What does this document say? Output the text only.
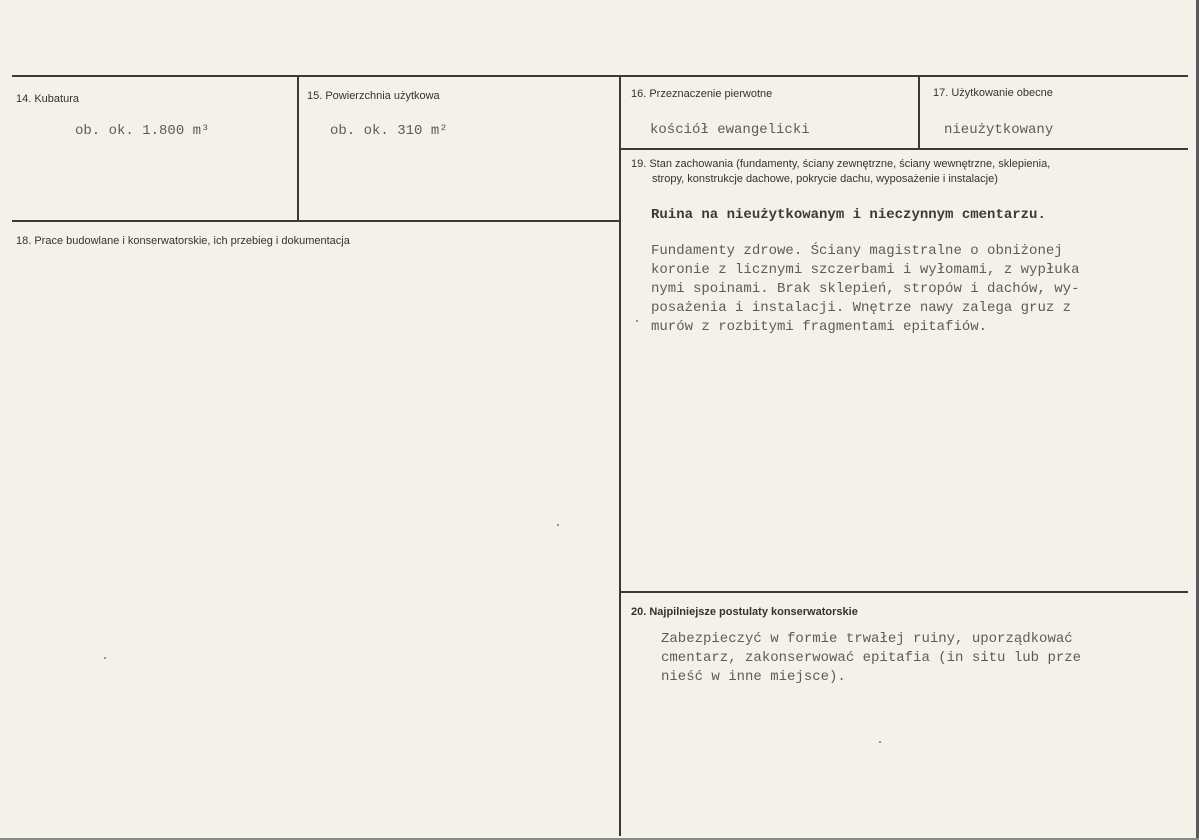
14. Kubatura
ob. ok. 1.800 m³
15. Powierzchnia użytkowa
ob. ok. 310 m²
16. Przeznaczenie pierwotne
kościół ewangelicki
17. Użytkowanie obecne
nieużytkowany
18. Prace budowlane i konserwatorskie, ich przebieg i dokumentacja
19. Stan zachowania (fundamenty, ściany zewnętrzne, ściany wewnętrzne, sklepienia,
stropy, konstrukcje dachowe, pokrycie dachu, wyposażenie i instalacje)
Ruina na nieużytkowanym i nieczynnym cmentarzu.
Fundamenty zdrowe. Ściany magistralne o obniżonej
koronie z licznymi szczerbami i wyłomami, z wypłuka
nymi spoinami. Brak sklepień, stropów i dachów, wy-
posażenia i instalacji. Wnętrze nawy zalega gruz z
murów z rozbitymi fragmentami epitafiów.
20. Najpilniejsze postulaty konserwatorskie
Zabezpieczyć w formie trwałej ruiny, uporządkować
cmentarz, zakonserwować epitafia (in situ lub prze
nieść w inne miejsce).
